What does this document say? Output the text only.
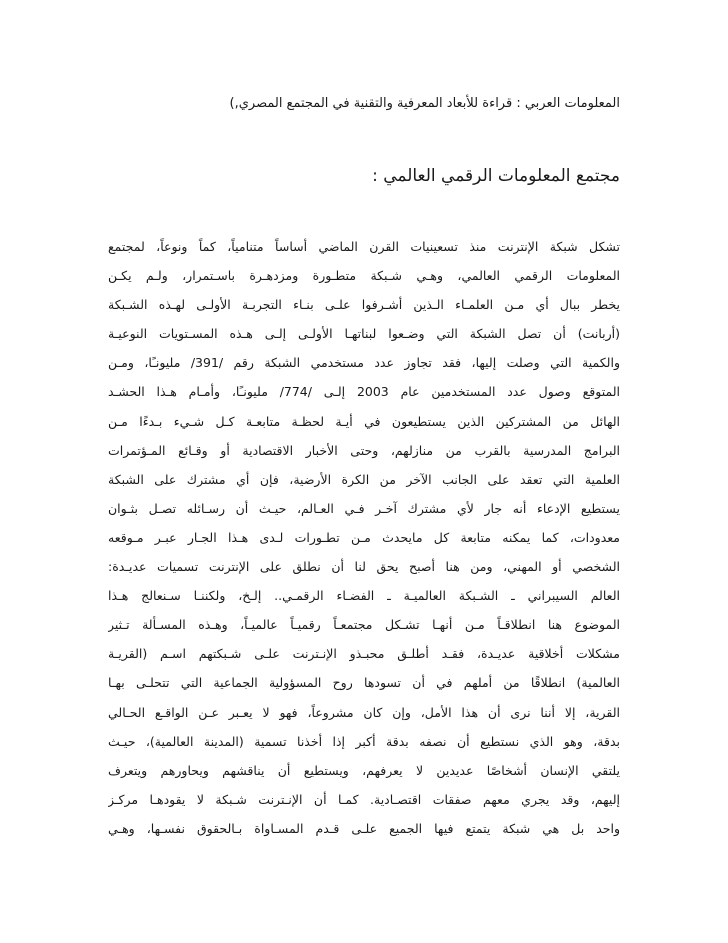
المعلومات العربي : قراءة للأبعاد المعرفية والتقنية في المجتمع المصري,)
مجتمع المعلومات الرقمي العالمي :
تشكل شبكة الإنترنت منذ تسعينيات القرن الماضي أساساً متنامياً، كماً ونوعاً، لمجتمع
المعلومات الرقمي العالمي، وهـي شـبكة متطـورة ومزدهـرة باسـتمرار، ولـم يكـن
يخطر ببال أي مـن العلمـاء الـذين أشـرفوا علـى بنـاء التجربـة الأولـى لهـذه الشـبكة
(أربانت) أن تصل الشبكة التي وضـعوا لبناتهـا الأولـى إلـى هـذه المسـتويات النوعيـة
والكمية التي وصلت إليها، فقد تجاوز عدد مستخدمي الشبكة رقم /391/ مليونـًا، ومـن
المتوقع وصول عدد المستخدمين عام 2003 إلـى /774/ مليونـًا، وأمـام هـذا الحشـد
الهائل من المشتركين الذين يستطيعون في أيـة لحظـة متابعـة كـل شـيء بـدءًا مـن
البرامج المدرسية بالقرب من منازلهم، وحتى الأخبار الاقتصادية أو وقـائع المـؤتمرات
العلمية التي تعقد على الجانب الآخر من الكرة الأرضية، فإن أي مشترك على الشبكة
يستطيع الإدعاء أنه جار لأي مشترك آخـر فـي العـالم، حيـث أن رسـائله تصـل بثـوان
معدودات، كما يمكنه متابعة كل مايحدث مـن تطـورات لـدى هـذا الجـار عبـر مـوقعه
الشخصي أو المهني، ومن هنا أصبح يحق لنا أن نطلق على الإنترنت تسميات عديـدة:
العالم السيبراني ـ الشـبكة العالميـة ـ الفضـاء الرقمـي.. إلـخ، ولكننـا سـنعالج هـذا
الموضوع هنا انطلاقـاً مـن أنهـا تشـكل مجتمعـاً رقميـاً عالميـاً، وهـذه المسـألة تـثير
مشكلات أخلاقية عديـدة، فقـد أطلـق محبـذو الإنـترنت علـى شـبكتهم اسـم (القريـة
العالمية) انطلاقًا من أملهم في أن تسودها روح المسؤولية الجماعية التي تتحلـى بهـا
القرية، إلا أننا نرى أن هذا الأمل، وإن كان مشروعاً، فهو لا يعـبر عـن الواقـع الحـالي
بدقة، وهو الذي نستطيع أن نصفه بدقة أكبر إذا أخذنا تسمية (المدينة العالمية)، حيـث
يلتقي الإنسان أشخاصًا عديدين لا يعرفهم، ويستطيع أن يناقشهم ويحاورهم ويتعرف
إليهم، وقد يجري معهم صفقات اقتصـادية. كمـا أن الإنـترنت شـبكة لا يقودهـا مركـز
واحد بل هي شبكة يتمتع فيها الجميع علـى قـدم المسـاواة بـالحقوق نفسـها، وهـي
